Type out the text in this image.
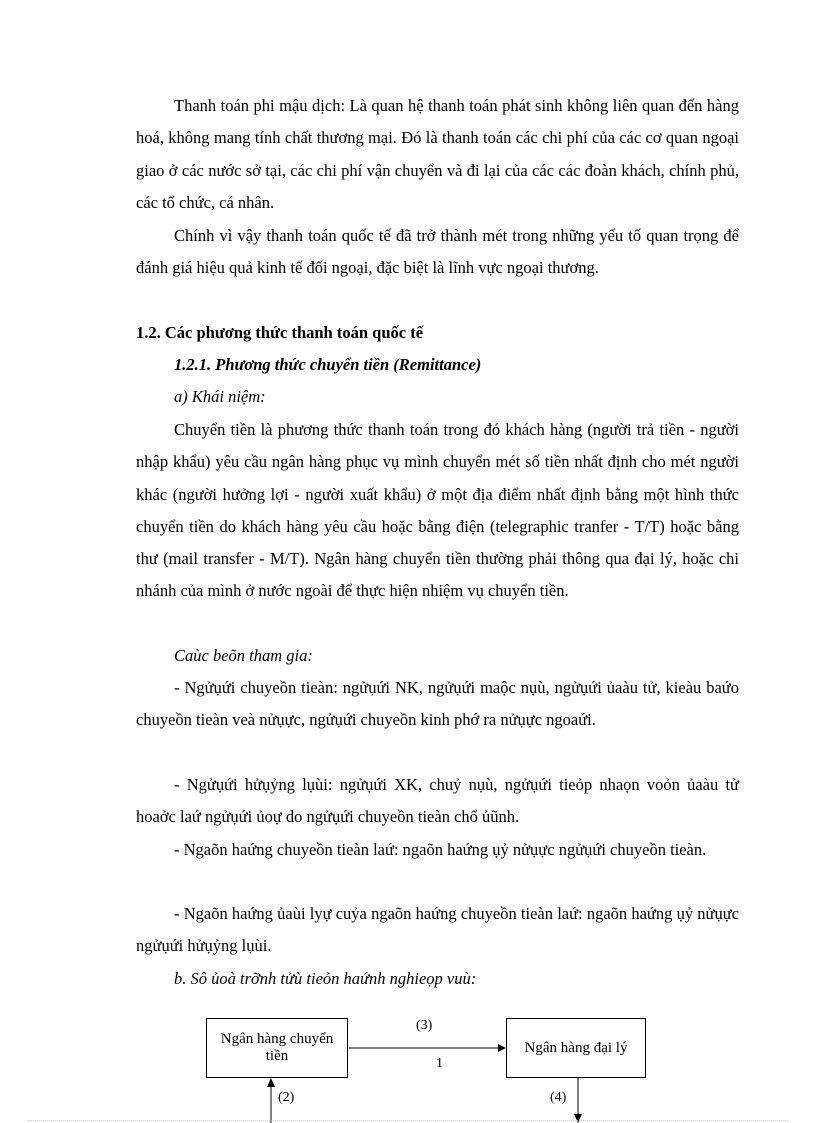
Thanh toán phi mậu dịch: Là quan hệ thanh toán phát sinh không liên quan đến hàng hoá, không mang tính chất thương mại. Đó là thanh toán các chi phí của các cơ quan ngoại giao ở các nước sở tại, các chi phí vận chuyển và đi lại của các các đoàn khách, chính phủ, các tổ chức, cá nhân.

Chính vì vậy thanh toán quốc tế đã trở thành mét trong những yếu tố quan trọng để đánh giá hiệu quả kinh tế đối ngoại, đặc biệt là lĩnh vực ngoại thương.

1.2. Các phương thức thanh toán quốc tế

1.2.1. Phương thức chuyển tiền (Remittance)

a) Khái niệm:

Chuyển tiền là phương thức thanh toán trong đó khách hàng (người trả tiền - người nhập khẩu) yêu cầu ngân hàng phục vụ mình chuyển mét số tiền nhất định cho mét người khác (người hưởng lợi - người xuất khẩu) ở một địa điểm nhất định bằng một hình thức chuyển tiền do khách hàng yêu cầu hoặc bằng điện (telegraphic tranfer - T/T) hoặc bằng thư (mail transfer - M/T). Ngân hàng chuyển tiền thường phải thông qua đại lý, hoặc chi nhánh của mình ở nước ngoài để thực hiện nhiệm vụ chuyển tiền.

Caùc beõn tham gia:

- Ngửụứi chuyeồn tieàn: ngửụứi NK, ngửụứi maộc nụù, ngửụứi ủaàu tử, kieàu baứo chuyeồn tieàn veà nửụực, ngửụứi chuyeồn kinh phớ ra nửụực ngoaứi.

- Ngửụứi hửụỷng lụùi: ngửụứi XK, chuỷ nụù, ngửụứi tieỏp nhaọn voỏn ủaàu tử hoaởc laứ ngửụứi ủoự do ngửụứi chuyeồn tieàn chổ ủũnh.

- Ngaõn haứng chuyeồn tieàn laứ: ngaõn haứng ụỷ nửụực ngửụứi chuyeồn tieàn.

- Ngaõn haứng ủaùi lyự cuỷa ngaõn haứng chuyeồn tieàn laứ: ngaõn haứng ụỷ nửụực ngửụứi hửụỷng lụùi.

b. Sô ủoà trỡnh tửù tieỏn haứnh nghieọp vuù:

Ngân hàng chuyển tiền
Ngân hàng đại lý
(3)
1
(2)	(4)
